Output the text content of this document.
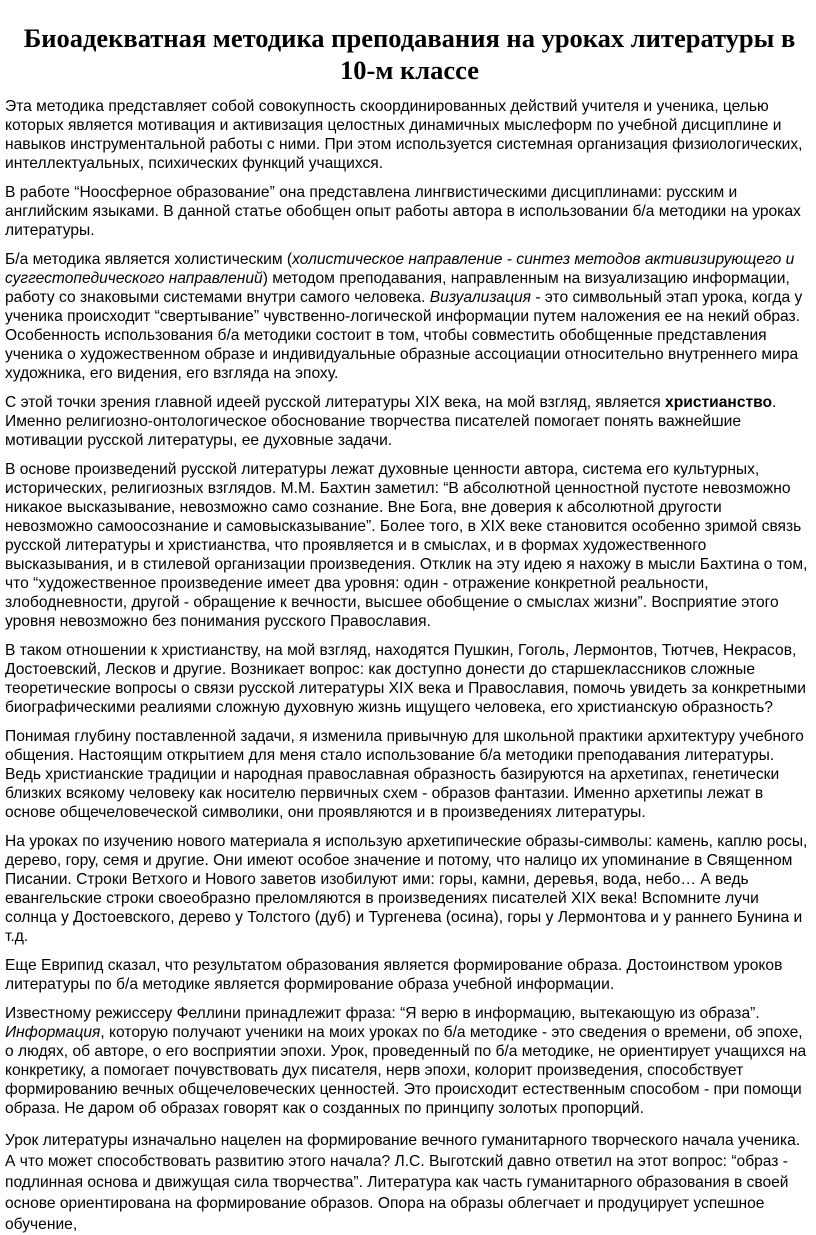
Биоадекватная методика преподавания на уроках литературы в 10-м классе

Эта методика представляет собой совокупность скоординированных действий учителя и ученика, целью которых является мотивация и активизация целостных динамичных мыслеформ по учебной дисциплине и навыков инструментальной работы с ними. При этом используется системная организация физиологических, интеллектуальных, психических функций учащихся.

В работе “Ноосферное образование” она представлена лингвистическими дисциплинами: русским и английским языками. В данной статье обобщен опыт работы автора в использовании б/а методики на уроках литературы.

Б/а методика является холистическим (холистическое направление - синтез методов активизирующего и суггестопедического направлений) методом преподавания, направленным на визуализацию информации, работу со знаковыми системами внутри самого человека. Визуализация - это символьный этап урока, когда у ученика происходит “свертывание” чувственно-логической информации путем наложения ее на некий образ. Особенность использования б/а методики состоит в том, чтобы совместить обобщенные представления ученика о художественном образе и индивидуальные образные ассоциации относительно внутреннего мира художника, его видения, его взгляда на эпоху.

С этой точки зрения главной идеей русской литературы XIX века, на мой взгляд, является христианство. Именно религиозно-онтологическое обоснование творчества писателей помогает понять важнейшие мотивации русской литературы, ее духовные задачи.

В основе произведений русской литературы лежат духовные ценности автора, система его культурных, исторических, религиозных взглядов. М.М. Бахтин заметил: “В абсолютной ценностной пустоте невозможно никакое высказывание, невозможно само сознание. Вне Бога, вне доверия к абсолютной другости невозможно самоосознание и самовысказывание”. Более того, в XIX веке становится особенно зримой связь русской литературы и христианства, что проявляется и в смыслах, и в формах художественного высказывания, и в стилевой организации произведения. Отклик на эту идею я нахожу в мысли Бахтина о том, что “художественное произведение имеет два уровня: один - отражение конкретной реальности, злободневности, другой - обращение к вечности, высшее обобщение о смыслах жизни”. Восприятие этого уровня невозможно без понимания русского Православия.

В таком отношении к христианству, на мой взгляд, находятся Пушкин, Гоголь, Лермонтов, Тютчев, Некрасов, Достоевский, Лесков и другие. Возникает вопрос: как доступно донести до старшеклассников сложные теоретические вопросы о связи русской литературы XIX века и Православия, помочь увидеть за конкретными биографическими реалиями сложную духовную жизнь ищущего человека, его христианскую образность?

Понимая глубину поставленной задачи, я изменила привычную для школьной практики архитектуру учебного общения. Настоящим открытием для меня стало использование б/а методики преподавания литературы. Ведь христианские традиции и народная православная образность базируются на архетипах, генетически близких всякому человеку как носителю первичных схем - образов фантазии. Именно архетипы лежат в основе общечеловеческой символики, они проявляются и в произведениях литературы.

На уроках по изучению нового материала я использую архетипические образы-символы: камень, каплю росы, дерево, гору, семя и другие. Они имеют особое значение и потому, что налицо их упоминание в Священном Писании. Строки Ветхого и Нового заветов изобилуют ими: горы, камни, деревья, вода, небо… А ведь евангельские строки своеобразно преломляются в произведениях писателей XIX века! Вспомните лучи солнца у Достоевского, дерево у Толстого (дуб) и Тургенева (осина), горы у Лермонтова и у раннего Бунина и т.д.

Еще Еврипид сказал, что результатом образования является формирование образа. Достоинством уроков литературы по б/а методике является формирование образа учебной информации.

Известному режиссеру Феллини принадлежит фраза: “Я верю в информацию, вытекающую из образа”. Информация, которую получают ученики на моих уроках по б/а методике - это сведения о времени, об эпохе, о людях, об авторе, о его восприятии эпохи. Урок, проведенный по б/а методике, не ориентирует учащихся на конкретику, а помогает почувствовать дух писателя, нерв эпохи, колорит произведения, способствует формированию вечных общечеловеческих ценностей. Это происходит естественным способом - при помощи образа. Не даром об образах говорят как о созданных по принципу золотых пропорций.

Урок литературы изначально нацелен на формирование вечного гуманитарного творческого начала ученика. А что может способствовать развитию этого начала? Л.С. Выготский давно ответил на этот вопрос: “образ - подлинная основа и движущая сила творчества”. Литература как часть гуманитарного образования в своей основе ориентирована на формирование образов. Опора на образы облегчает и продуцирует успешное обучение,
